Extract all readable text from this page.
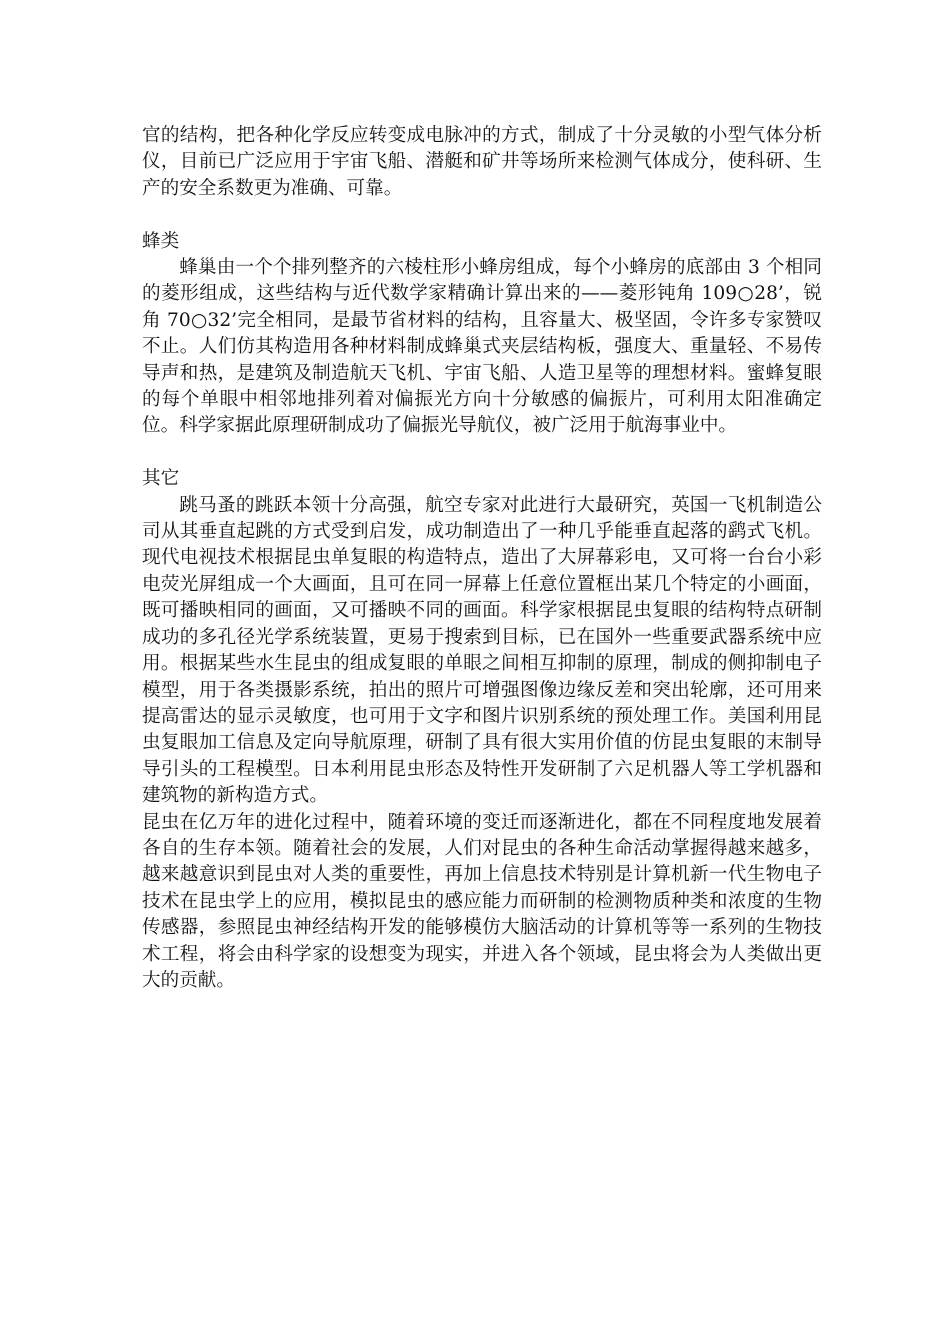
官的结构，把各种化学反应转变成电脉冲的方式，制成了十分灵敏的小型气体分析仪，目前已广泛应用于宇宙飞船、潜艇和矿井等场所来检测气体成分，使科研、生产的安全系数更为准确、可靠。

蜂类

蜂巢由一个个排列整齐的六棱柱形小蜂房组成，每个小蜂房的底部由 3 个相同的菱形组成，这些结构与近代数学家精确计算出来的——菱形钝角 109○28’，锐角 70○32’完全相同，是最节省材料的结构，且容量大、极坚固，令许多专家赞叹不止。人们仿其构造用各种材料制成蜂巢式夹层结构板，强度大、重量轻、不易传导声和热，是建筑及制造航天飞机、宇宙飞船、人造卫星等的理想材料。蜜蜂复眼的每个单眼中相邻地排列着对偏振光方向十分敏感的偏振片，可利用太阳准确定位。科学家据此原理研制成功了偏振光导航仪，被广泛用于航海事业中。

其它

跳马蚤的跳跃本领十分高强，航空专家对此进行大最研究，英国一飞机制造公司从其垂直起跳的方式受到启发，成功制造出了一种几乎能垂直起落的鹞式飞机。现代电视技术根据昆虫单复眼的构造特点，造出了大屏幕彩电，又可将一台台小彩电荧光屏组成一个大画面，且可在同一屏幕上任意位置框出某几个特定的小画面，既可播映相同的画面，又可播映不同的画面。科学家根据昆虫复眼的结构特点研制成功的多孔径光学系统装置，更易于搜索到目标，已在国外一些重要武器系统中应用。根据某些水生昆虫的组成复眼的单眼之间相互抑制的原理，制成的侧抑制电子模型，用于各类摄影系统，拍出的照片可增强图像边缘反差和突出轮廓，还可用来提高雷达的显示灵敏度，也可用于文字和图片识别系统的预处理工作。美国利用昆虫复眼加工信息及定向导航原理，研制了具有很大实用价值的仿昆虫复眼的末制导导引头的工程模型。日本利用昆虫形态及特性开发研制了六足机器人等工学机器和建筑物的新构造方式。

昆虫在亿万年的进化过程中，随着环境的变迁而逐渐进化，都在不同程度地发展着各自的生存本领。随着社会的发展，人们对昆虫的各种生命活动掌握得越来越多，越来越意识到昆虫对人类的重要性，再加上信息技术特别是计算机新一代生物电子技术在昆虫学上的应用，模拟昆虫的感应能力而研制的检测物质种类和浓度的生物传感器，参照昆虫神经结构开发的能够模仿大脑活动的计算机等等一系列的生物技术工程，将会由科学家的设想变为现实，并进入各个领域，昆虫将会为人类做出更大的贡献。
